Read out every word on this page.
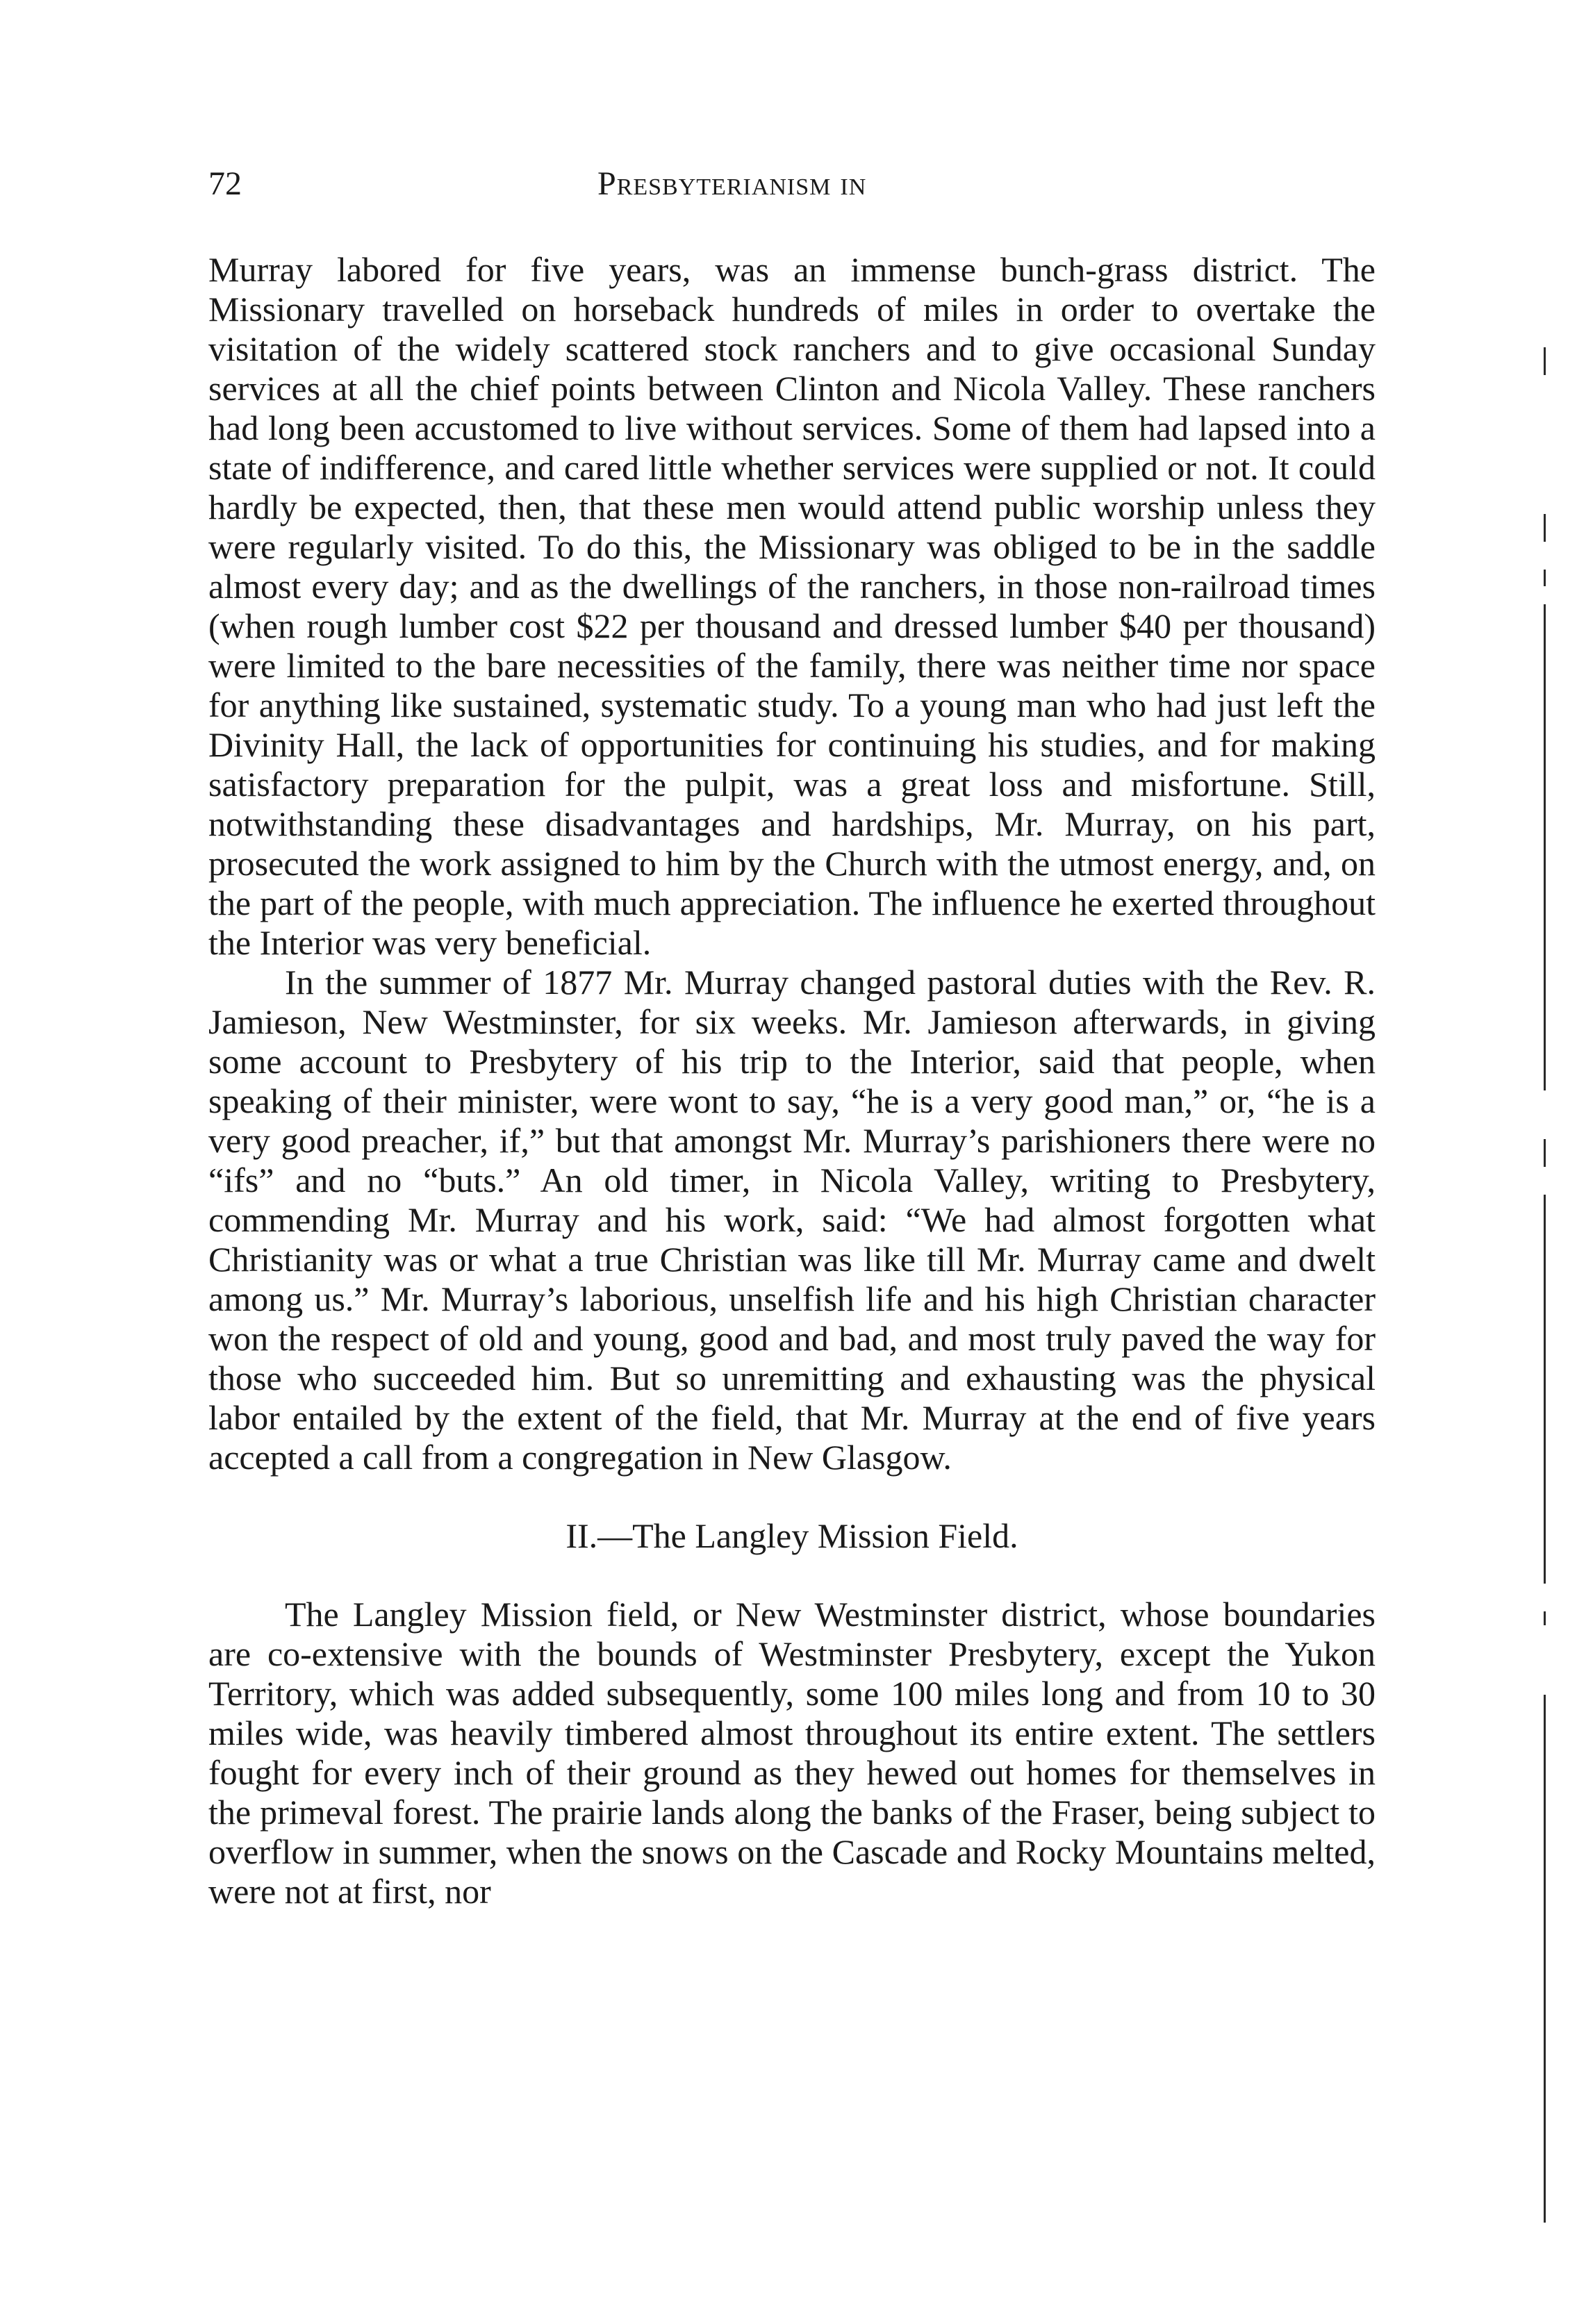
72	Presbyterianism in

Murray labored for five years, was an immense bunch-grass district. The Missionary travelled on horseback hundreds of miles in order to overtake the visitation of the widely scattered stock ranchers and to give occasional Sunday services at all the chief points between Clinton and Nicola Valley. These ranchers had long been accustomed to live without services. Some of them had lapsed into a state of indifference, and cared little whether services were supplied or not. It could hardly be expected, then, that these men would attend public worship unless they were regularly visited. To do this, the Missionary was obliged to be in the saddle almost every day; and as the dwellings of the ranchers, in those non-railroad times (when rough lumber cost $22 per thousand and dressed lumber $40 per thousand) were limited to the bare necessities of the family, there was neither time nor space for anything like sustained, systematic study. To a young man who had just left the Divinity Hall, the lack of opportunities for continuing his studies, and for making satisfactory preparation for the pulpit, was a great loss and misfortune. Still, notwithstanding these disadvantages and hardships, Mr. Murray, on his part, prosecuted the work assigned to him by the Church with the utmost energy, and, on the part of the people, with much appreciation. The influence he exerted throughout the Interior was very beneficial.

In the summer of 1877 Mr. Murray changed pastoral duties with the Rev. R. Jamieson, New Westminster, for six weeks. Mr. Jamieson afterwards, in giving some account to Presbytery of his trip to the Interior, said that people, when speaking of their minister, were wont to say, “he is a very good man,” or, “he is a very good preacher, if,” but that amongst Mr. Murray’s parishioners there were no “ifs” and no “buts.” An old timer, in Nicola Valley, writing to Presbytery, commending Mr. Murray and his work, said: “We had almost forgotten what Christianity was or what a true Christian was like till Mr. Murray came and dwelt among us.” Mr. Murray’s laborious, unselfish life and his high Christian character won the respect of old and young, good and bad, and most truly paved the way for those who succeeded him. But so unremitting and exhausting was the physical labor entailed by the extent of the field, that Mr. Murray at the end of five years accepted a call from a congregation in New Glasgow.

II.—The Langley Mission Field.

The Langley Mission field, or New Westminster district, whose boundaries are co-extensive with the bounds of Westminster Presbytery, except the Yukon Territory, which was added subsequently, some 100 miles long and from 10 to 30 miles wide, was heavily timbered almost throughout its entire extent. The settlers fought for every inch of their ground as they hewed out homes for themselves in the primeval forest. The prairie lands along the banks of the Fraser, being subject to overflow in summer, when the snows on the Cascade and Rocky Mountains melted, were not at first, nor
